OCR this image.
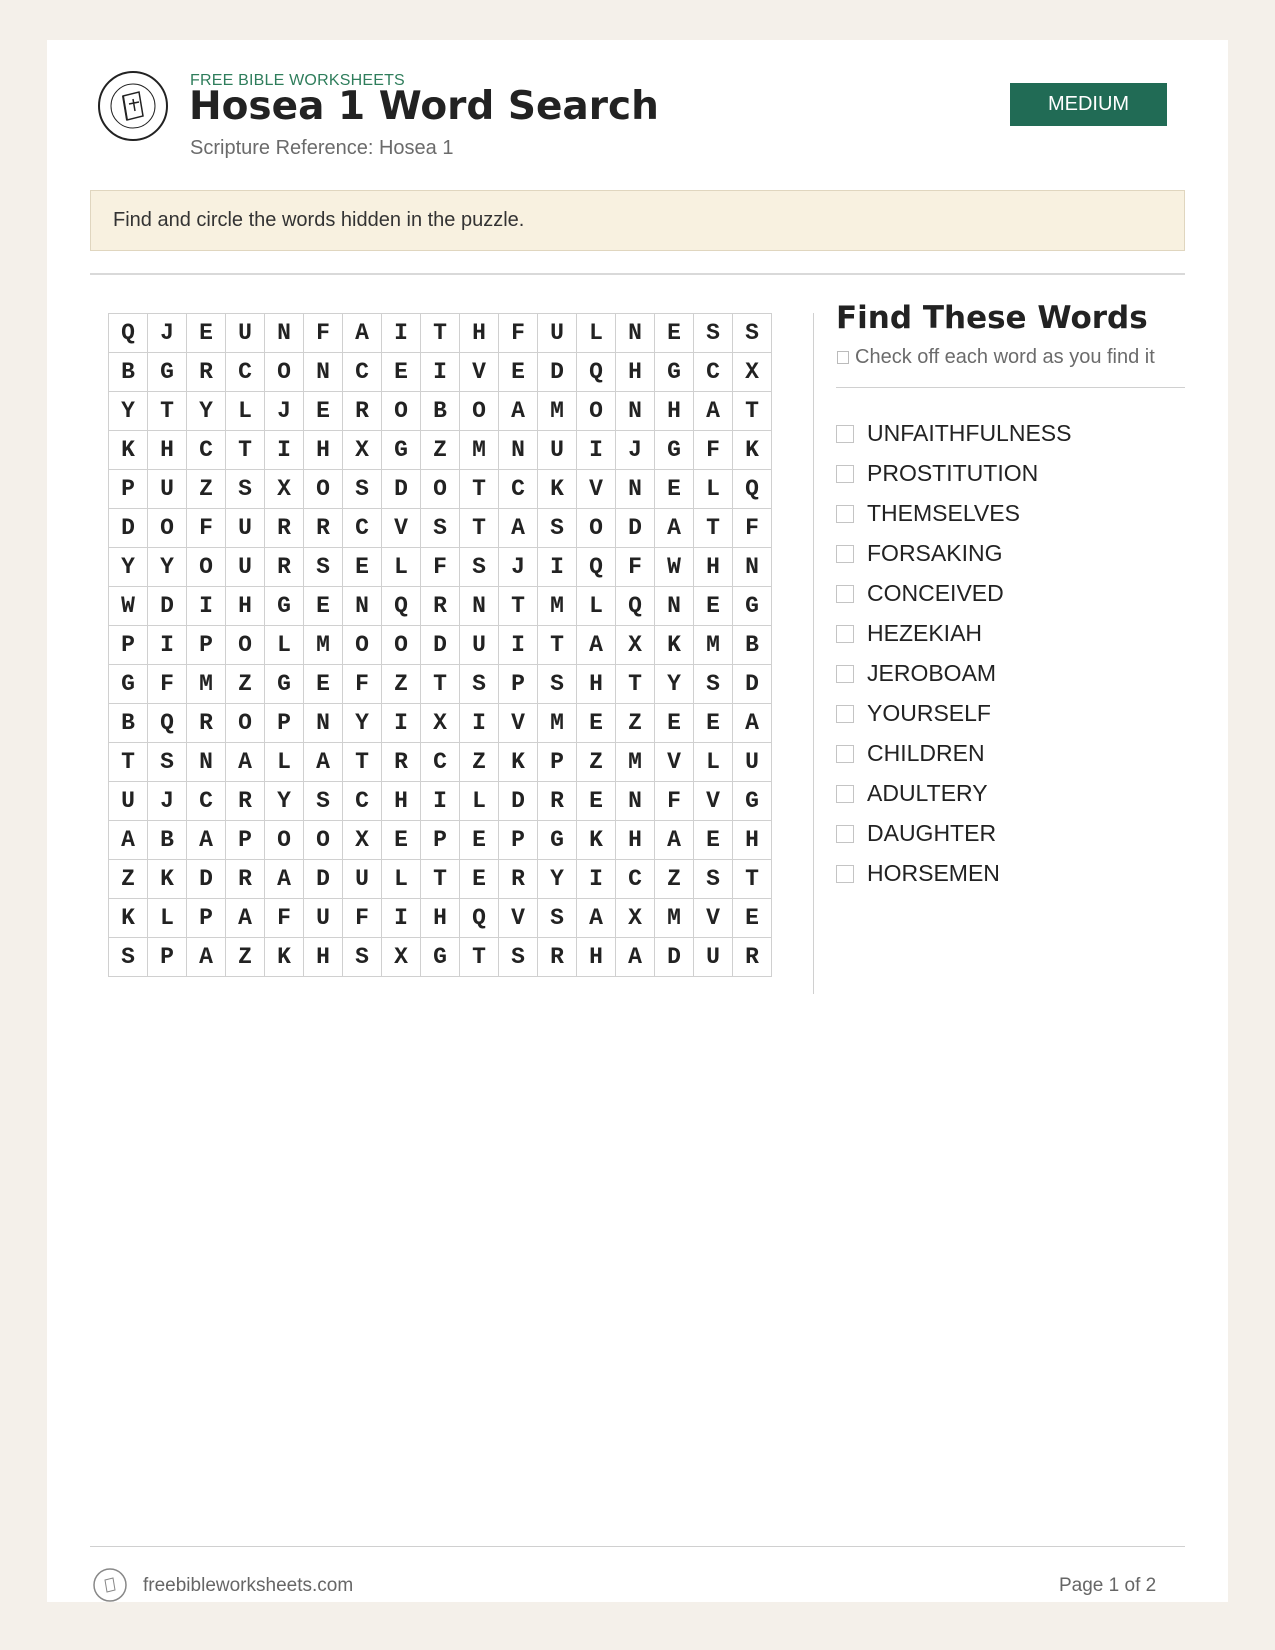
FREE BIBLE WORKSHEETS
Hosea 1 Word Search
Scripture Reference: Hosea 1
MEDIUM
Find and circle the words hidden in the puzzle.
Q	J	E	U	N	F	A	I	T	H	F	U	L	N	E	S	S
B	G	R	C	O	N	C	E	I	V	E	D	Q	H	G	C	X
Y	T	Y	L	J	E	R	O	B	O	A	M	O	N	H	A	T
K	H	C	T	I	H	X	G	Z	M	N	U	I	J	G	F	K
P	U	Z	S	X	O	S	D	O	T	C	K	V	N	E	L	Q
D	O	F	U	R	R	C	V	S	T	A	S	O	D	A	T	F
Y	Y	O	U	R	S	E	L	F	S	J	I	Q	F	W	H	N
W	D	I	H	G	E	N	Q	R	N	T	M	L	Q	N	E	G
P	I	P	O	L	M	O	O	D	U	I	T	A	X	K	M	B
G	F	M	Z	G	E	F	Z	T	S	P	S	H	T	Y	S	D
B	Q	R	O	P	N	Y	I	X	I	V	M	E	Z	E	E	A
T	S	N	A	L	A	T	R	C	Z	K	P	Z	M	V	L	U
U	J	C	R	Y	S	C	H	I	L	D	R	E	N	F	V	G
A	B	A	P	O	O	X	E	P	E	P	G	K	H	A	E	H
Z	K	D	R	A	D	U	L	T	E	R	Y	I	C	Z	S	T
K	L	P	A	F	U	F	I	H	Q	V	S	A	X	M	V	E
S	P	A	Z	K	H	S	X	G	T	S	R	H	A	D	U	R
Find These Words
Check off each word as you find it
UNFAITHFULNESS
PROSTITUTION
THEMSELVES
FORSAKING
CONCEIVED
HEZEKIAH
JEROBOAM
YOURSELF
CHILDREN
ADULTERY
DAUGHTER
HORSEMEN
freebibleworksheets.com	Page 1 of 2
